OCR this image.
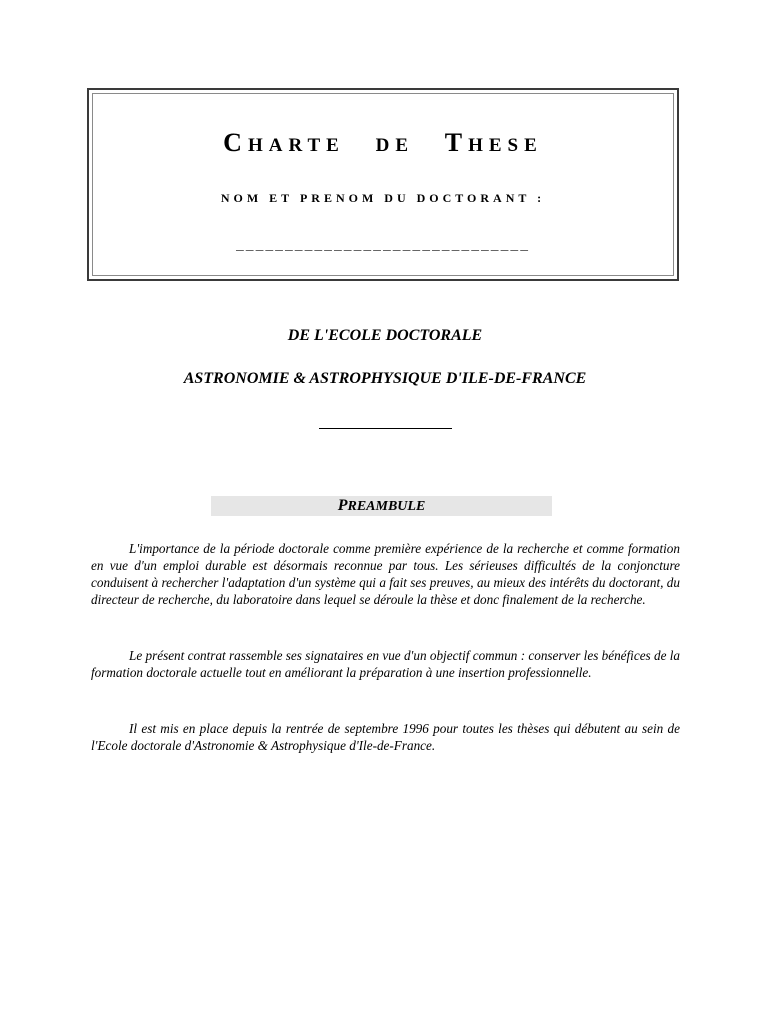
CHARTE DE THESE
NOM ET PRENOM DU DOCTORANT :
______________________________
DE L'ECOLE DOCTORALE
ASTRONOMIE & ASTROPHYSIQUE D'ILE-DE-FRANCE
PREAMBULE

L'importance de la période doctorale comme première expérience de la recherche et comme formation en vue d'un emploi durable est désormais reconnue par tous. Les sérieuses difficultés de la conjoncture conduisent à rechercher l'adaptation d'un système qui a fait ses preuves, au mieux des intérêts du doctorant, du directeur de recherche, du laboratoire dans lequel se déroule la thèse et donc finalement de la recherche.

Le présent contrat rassemble ses signataires en vue d'un objectif commun : conserver les bénéfices de la formation doctorale actuelle tout en améliorant la préparation à une insertion professionnelle.

Il est mis en place depuis la rentrée de septembre 1996 pour toutes les thèses qui débutent au sein de l'Ecole doctorale d'Astronomie & Astrophysique d'Ile-de-France.
